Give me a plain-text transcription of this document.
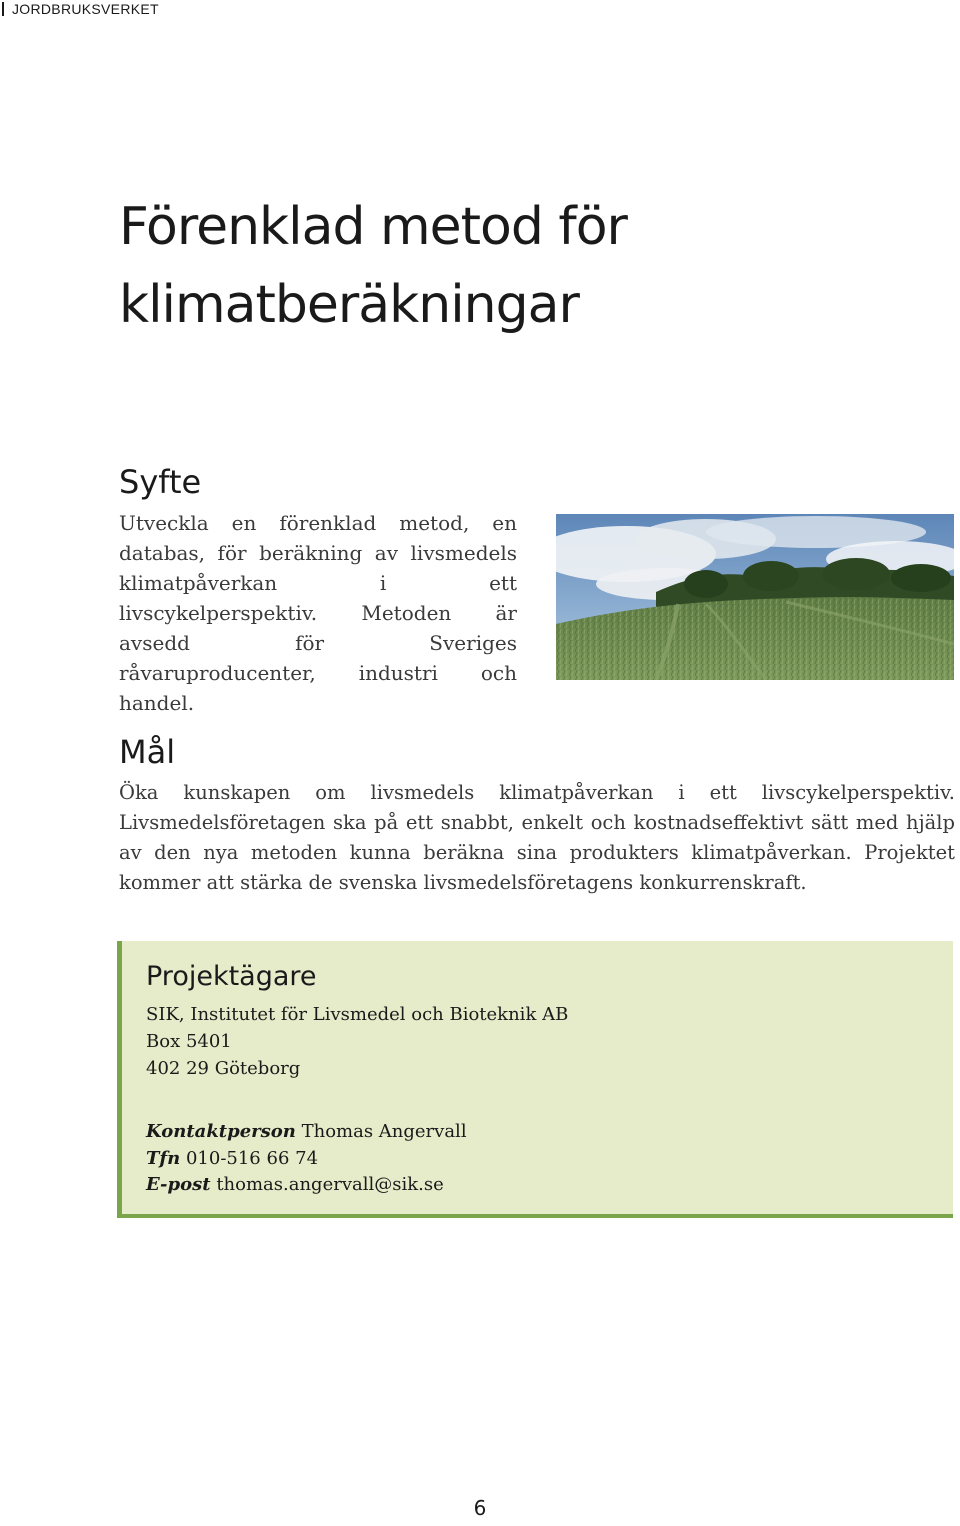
JORDBRUKSVERKET
Förenklad metod för
klimatberäkningar
Syfte

Utveckla en förenklad metod, en databas, för beräkning av livsmedels klimatpåverkan i ett livscykelperspektiv. Metoden är avsedd för Sveriges råvaruproducenter, industri och handel.

Mål

Öka kunskapen om livsmedels klimatpåverkan i ett livscykelperspektiv. Livsmedelsföretagen ska på ett snabbt, enkelt och kostnadseffektivt sätt med hjälp av den nya metoden kunna beräkna sina produkters klimatpåverkan. Projektet kommer att stärka de svenska livsmedelsföretagens konkurrenskraft.

Projektägare

SIK, Institutet för Livsmedel och Bioteknik AB

Box 5401

402 29 Göteborg

Kontaktperson Thomas Angervall

Tfn 010-516 66 74

E-post thomas.angervall@sik.se

6
